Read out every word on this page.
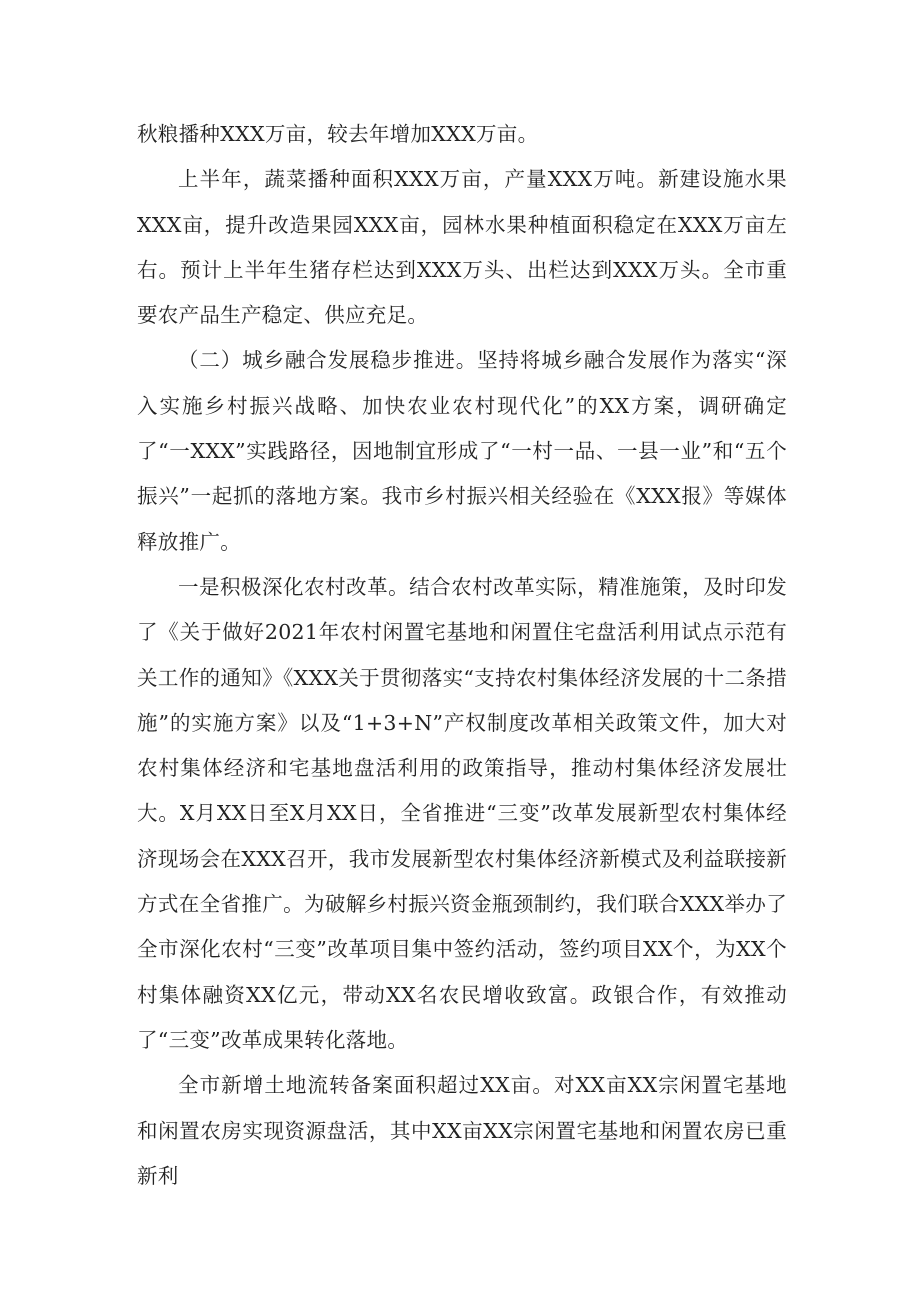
秋粮播种XXX万亩，较去年增加XXX万亩。

上半年，蔬菜播种面积XXX万亩，产量XXX万吨。新建设施水果XXX亩，提升改造果园XXX亩，园林水果种植面积稳定在XXX万亩左右。预计上半年生猪存栏达到XXX万头、出栏达到XXX万头。全市重要农产品生产稳定、供应充足。

（二）城乡融合发展稳步推进。坚持将城乡融合发展作为落实“深入实施乡村振兴战略、加快农业农村现代化”的XX方案，调研确定了“一XXX”实践路径，因地制宜形成了“一村一品、一县一业”和“五个振兴”一起抓的落地方案。我市乡村振兴相关经验在《XXX报》等媒体释放推广。

一是积极深化农村改革。结合农村改革实际，精准施策，及时印发了《关于做好2021年农村闲置宅基地和闲置住宅盘活利用试点示范有关工作的通知》《XXX关于贯彻落实“支持农村集体经济发展的十二条措施”的实施方案》以及“1+3+N”产权制度改革相关政策文件，加大对农村集体经济和宅基地盘活利用的政策指导，推动村集体经济发展壮大。X月XX日至X月XX日，全省推进“三变”改革发展新型农村集体经济现场会在XXX召开，我市发展新型农村集体经济新模式及利益联接新方式在全省推广。为破解乡村振兴资金瓶颈制约，我们联合XXX举办了全市深化农村“三变”改革项目集中签约活动，签约项目XX个，为XX个村集体融资XX亿元，带动XX名农民增收致富。政银合作，有效推动了“三变”改革成果转化落地。

全市新增土地流转备案面积超过XX亩。对XX亩XX宗闲置宅基地和闲置农房实现资源盘活，其中XX亩XX宗闲置宅基地和闲置农房已重新利
